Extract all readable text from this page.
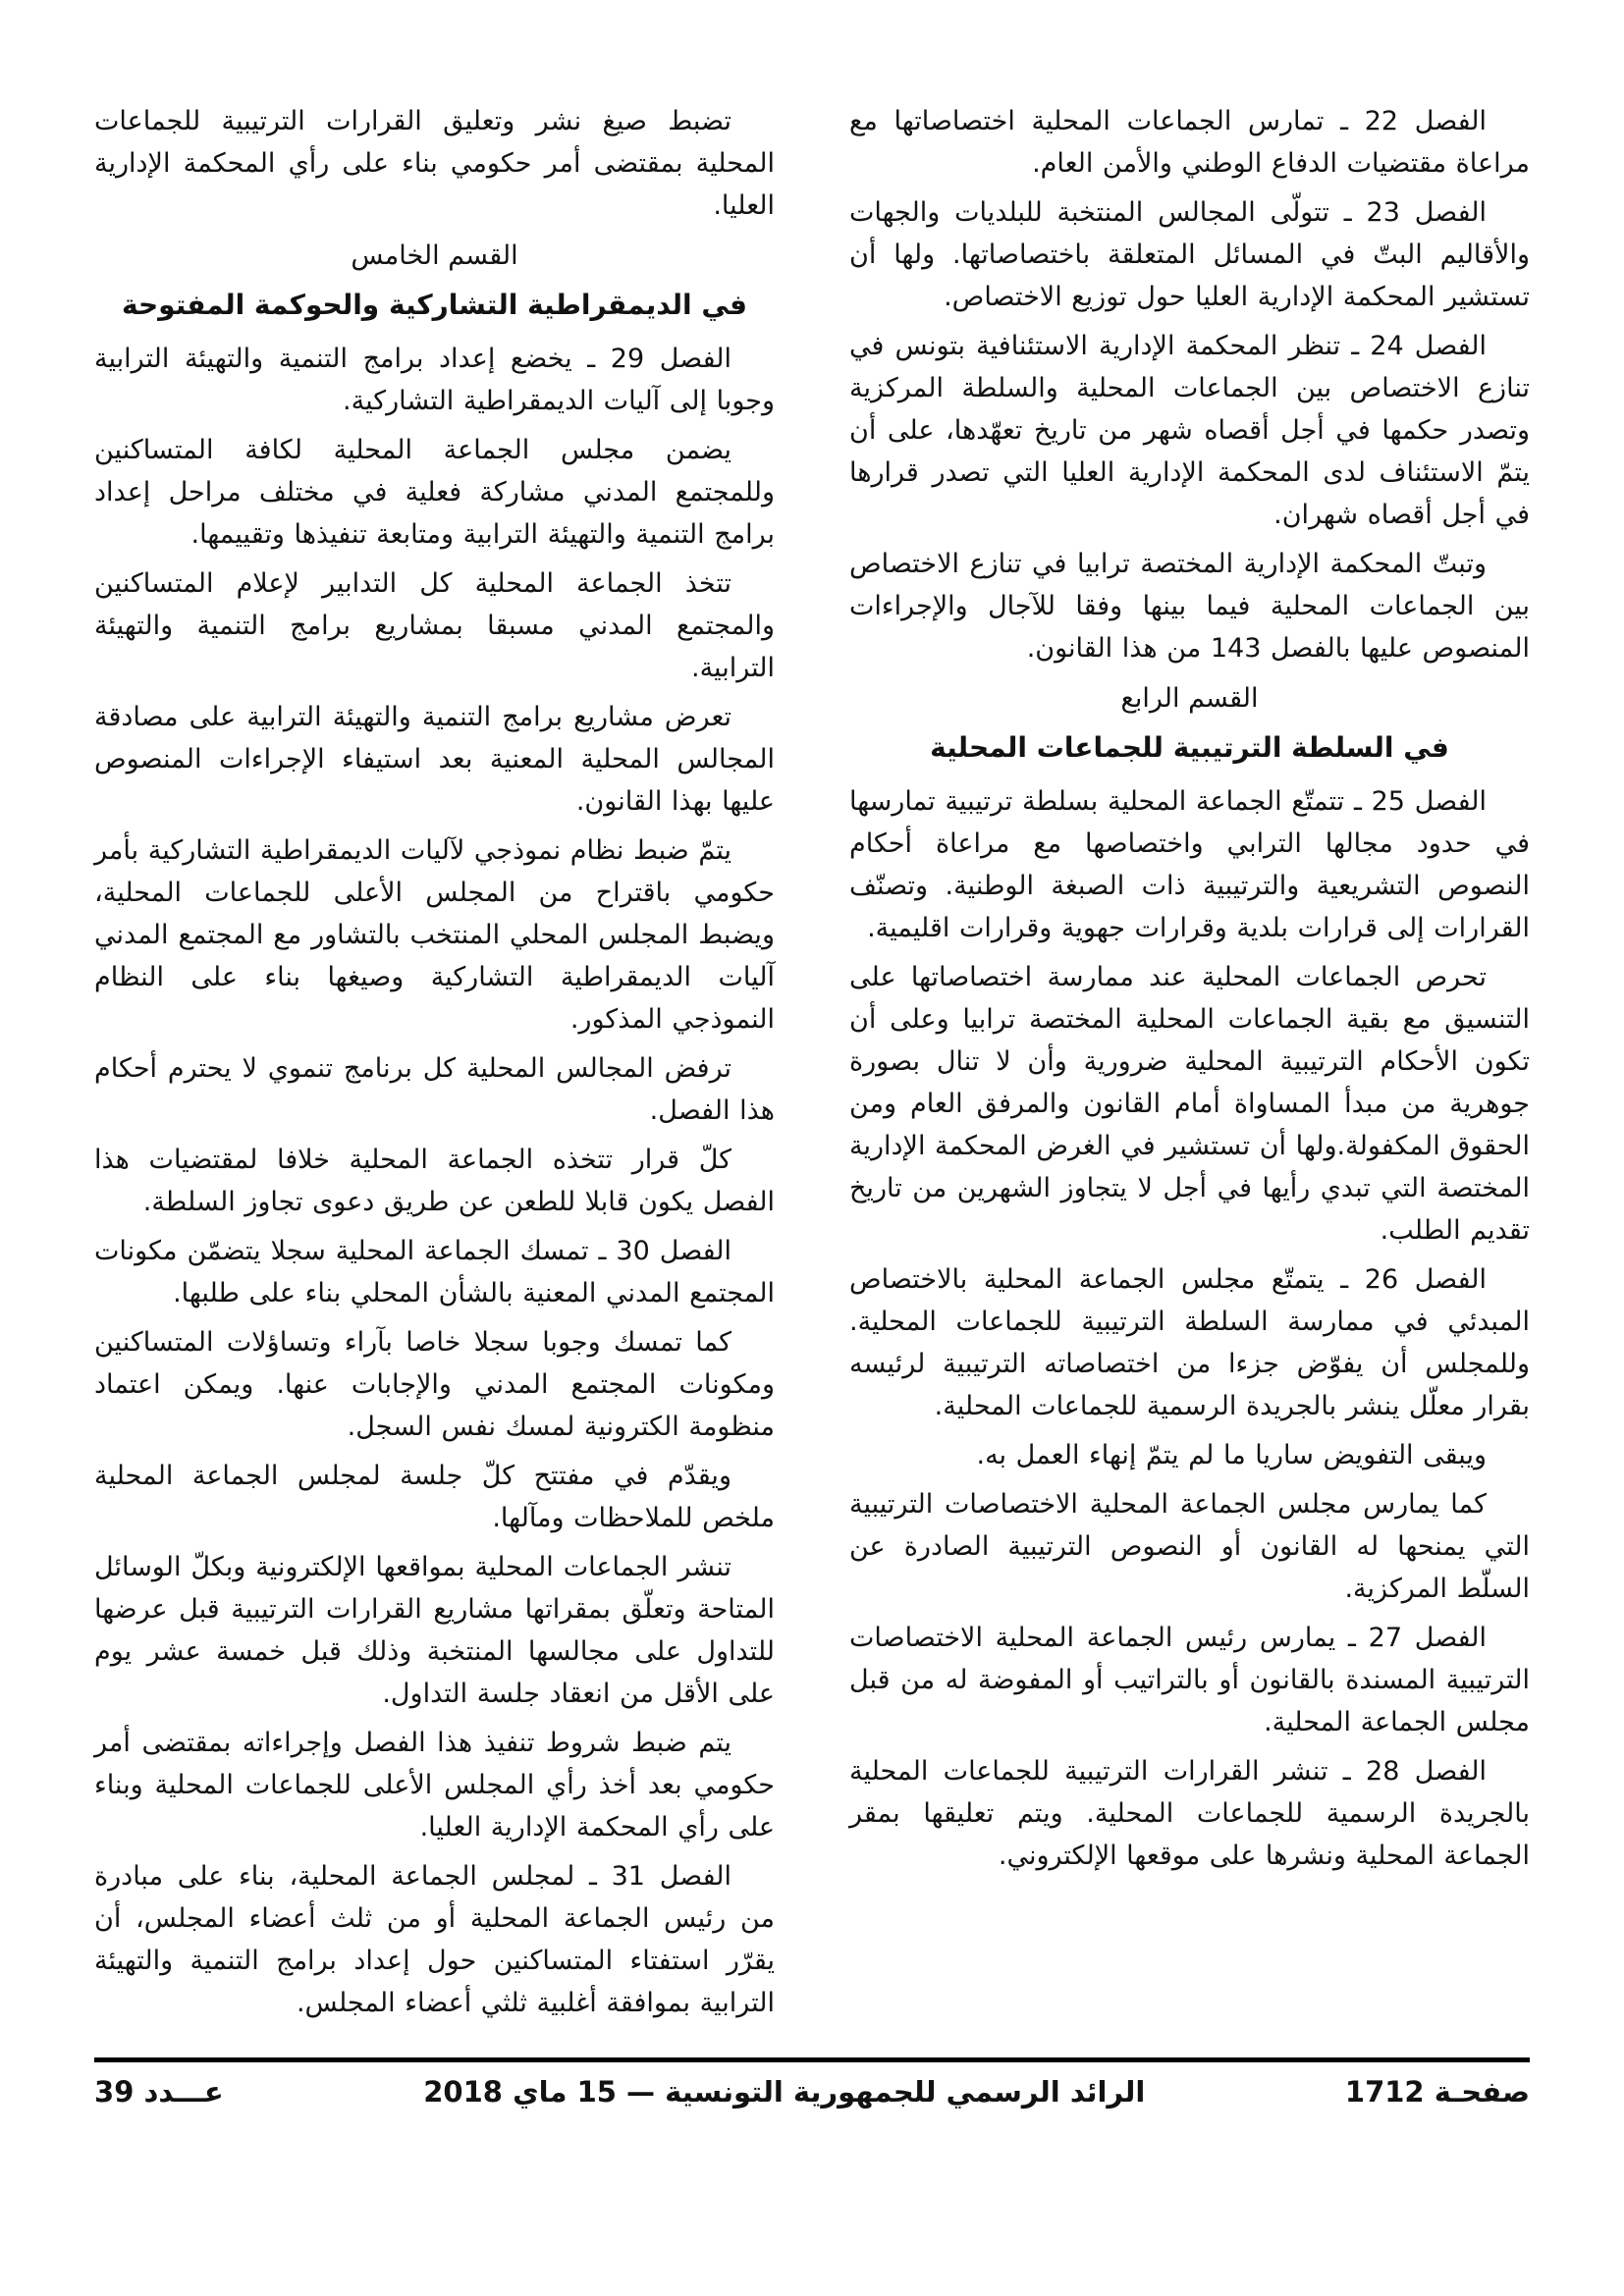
الفصل 22 ـ تمارس الجماعات المحلية اختصاصاتها مع مراعاة مقتضيات الدفاع الوطني والأمن العام.

الفصل 23 ـ تتولّى المجالس المنتخبة للبلديات والجهات والأقاليم البتّ في المسائل المتعلقة باختصاصاتها. ولها أن تستشير المحكمة الإدارية العليا حول توزيع الاختصاص.

الفصل 24 ـ تنظر المحكمة الإدارية الاستئنافية بتونس في تنازع الاختصاص بين الجماعات المحلية والسلطة المركزية وتصدر حكمها في أجل أقصاه شهر من تاريخ تعهّدها، على أن يتمّ الاستئناف لدى المحكمة الإدارية العليا التي تصدر قرارها في أجل أقصاه شهران.

وتبتّ المحكمة الإدارية المختصة ترابيا في تنازع الاختصاص بين الجماعات المحلية فيما بينها وفقا للآجال والإجراءات المنصوص عليها بالفصل 143 من هذا القانون.

القسم الرابع

في السلطة الترتيبية للجماعات المحلية

الفصل 25 ـ تتمتّع الجماعة المحلية بسلطة ترتيبية تمارسها في حدود مجالها الترابي واختصاصها مع مراعاة أحكام النصوص التشريعية والترتيبية ذات الصبغة الوطنية. وتصنّف القرارات إلى قرارات بلدية وقرارات جهوية وقرارات اقليمية.

تحرص الجماعات المحلية عند ممارسة اختصاصاتها على التنسيق مع بقية الجماعات المحلية المختصة ترابيا وعلى أن تكون الأحكام الترتيبية المحلية ضرورية وأن لا تنال بصورة جوهرية من مبدأ المساواة أمام القانون والمرفق العام ومن الحقوق المكفولة.ولها أن تستشير في الغرض المحكمة الإدارية المختصة التي تبدي رأيها في أجل لا يتجاوز الشهرين من تاريخ تقديم الطلب.

الفصل 26 ـ يتمتّع مجلس الجماعة المحلية بالاختصاص المبدئي في ممارسة السلطة الترتيبية للجماعات المحلية. وللمجلس أن يفوّض جزءا من اختصاصاته الترتيبية لرئيسه بقرار معلّل ينشر بالجريدة الرسمية للجماعات المحلية.

ويبقى التفويض ساريا ما لم يتمّ إنهاء العمل به.

كما يمارس مجلس الجماعة المحلية الاختصاصات الترتيبية التي يمنحها له القانون أو النصوص الترتيبية الصادرة عن السلّط المركزية.

الفصل 27 ـ يمارس رئيس الجماعة المحلية الاختصاصات الترتيبية المسندة بالقانون أو بالتراتيب أو المفوضة له من قبل مجلس الجماعة المحلية.

الفصل 28 ـ تنشر القرارات الترتيبية للجماعات المحلية بالجريدة الرسمية للجماعات المحلية. ويتم تعليقها بمقر الجماعة المحلية ونشرها على موقعها الإلكتروني.

تضبط صيغ نشر وتعليق القرارات الترتيبية للجماعات المحلية بمقتضى أمر حكومي بناء على رأي المحكمة الإدارية العليا.

القسم الخامس

في الديمقراطية التشاركية والحوكمة المفتوحة

الفصل 29 ـ يخضع إعداد برامج التنمية والتهيئة الترابية وجوبا إلى آليات الديمقراطية التشاركية.

يضمن مجلس الجماعة المحلية لكافة المتساكنين وللمجتمع المدني مشاركة فعلية في مختلف مراحل إعداد برامج التنمية والتهيئة الترابية ومتابعة تنفيذها وتقييمها.

تتخذ الجماعة المحلية كل التدابير لإعلام المتساكنين والمجتمع المدني مسبقا بمشاريع برامج التنمية والتهيئة الترابية.

تعرض مشاريع برامج التنمية والتهيئة الترابية على مصادقة المجالس المحلية المعنية بعد استيفاء الإجراءات المنصوص عليها بهذا القانون.

يتمّ ضبط نظام نموذجي لآليات الديمقراطية التشاركية بأمر حكومي باقتراح من المجلس الأعلى للجماعات المحلية، ويضبط المجلس المحلي المنتخب بالتشاور مع المجتمع المدني آليات الديمقراطية التشاركية وصيغها بناء على النظام النموذجي المذكور.

ترفض المجالس المحلية كل برنامج تنموي لا يحترم أحكام هذا الفصل.

كلّ قرار تتخذه الجماعة المحلية خلافا لمقتضيات هذا الفصل يكون قابلا للطعن عن طريق دعوى تجاوز السلطة.

الفصل 30 ـ تمسك الجماعة المحلية سجلا يتضمّن مكونات المجتمع المدني المعنية بالشأن المحلي بناء على طلبها.

كما تمسك وجوبا سجلا خاصا بآراء وتساؤلات المتساكنين ومكونات المجتمع المدني والإجابات عنها. ويمكن اعتماد منظومة الكترونية لمسك نفس السجل.

ويقدّم في مفتتح كلّ جلسة لمجلس الجماعة المحلية ملخص للملاحظات ومآلها.

تنشر الجماعات المحلية بمواقعها الإلكترونية وبكلّ الوسائل المتاحة وتعلّق بمقراتها مشاريع القرارات الترتيبية قبل عرضها للتداول على مجالسها المنتخبة وذلك قبل خمسة عشر يوم على الأقل من انعقاد جلسة التداول.

يتم ضبط شروط تنفيذ هذا الفصل وإجراءاته بمقتضى أمر حكومي بعد أخذ رأي المجلس الأعلى للجماعات المحلية وبناء على رأي المحكمة الإدارية العليا.

الفصل 31 ـ لمجلس الجماعة المحلية، بناء على مبادرة من رئيس الجماعة المحلية أو من ثلث أعضاء المجلس، أن يقرّر استفتاء المتساكنين حول إعداد برامج التنمية والتهيئة الترابية بموافقة أغلبية ثلثي أعضاء المجلس.

صفحـة 1712
الرائد الرسمي للجمهورية التونسية — 15 ماي 2018
عـــدد 39
